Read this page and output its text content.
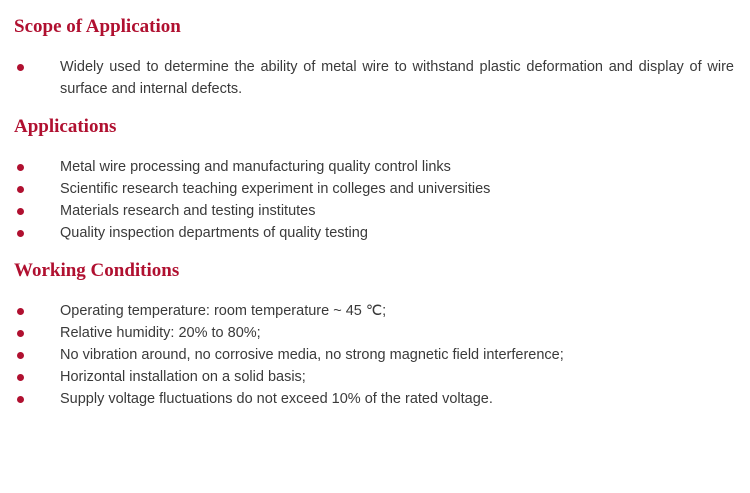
Scope of Application
Widely used to determine the ability of metal wire to withstand plastic deformation and display of wire surface and internal defects.
Applications
Metal wire processing and manufacturing quality control links
Scientific research teaching experiment in colleges and universities
Materials research and testing institutes
Quality inspection departments of quality testing
Working Conditions
Operating temperature: room temperature ~ 45 ℃;
Relative humidity: 20% to 80%;
No vibration around, no corrosive media, no strong magnetic field interference;
Horizontal installation on a solid basis;
Supply voltage fluctuations do not exceed 10% of the rated voltage.
